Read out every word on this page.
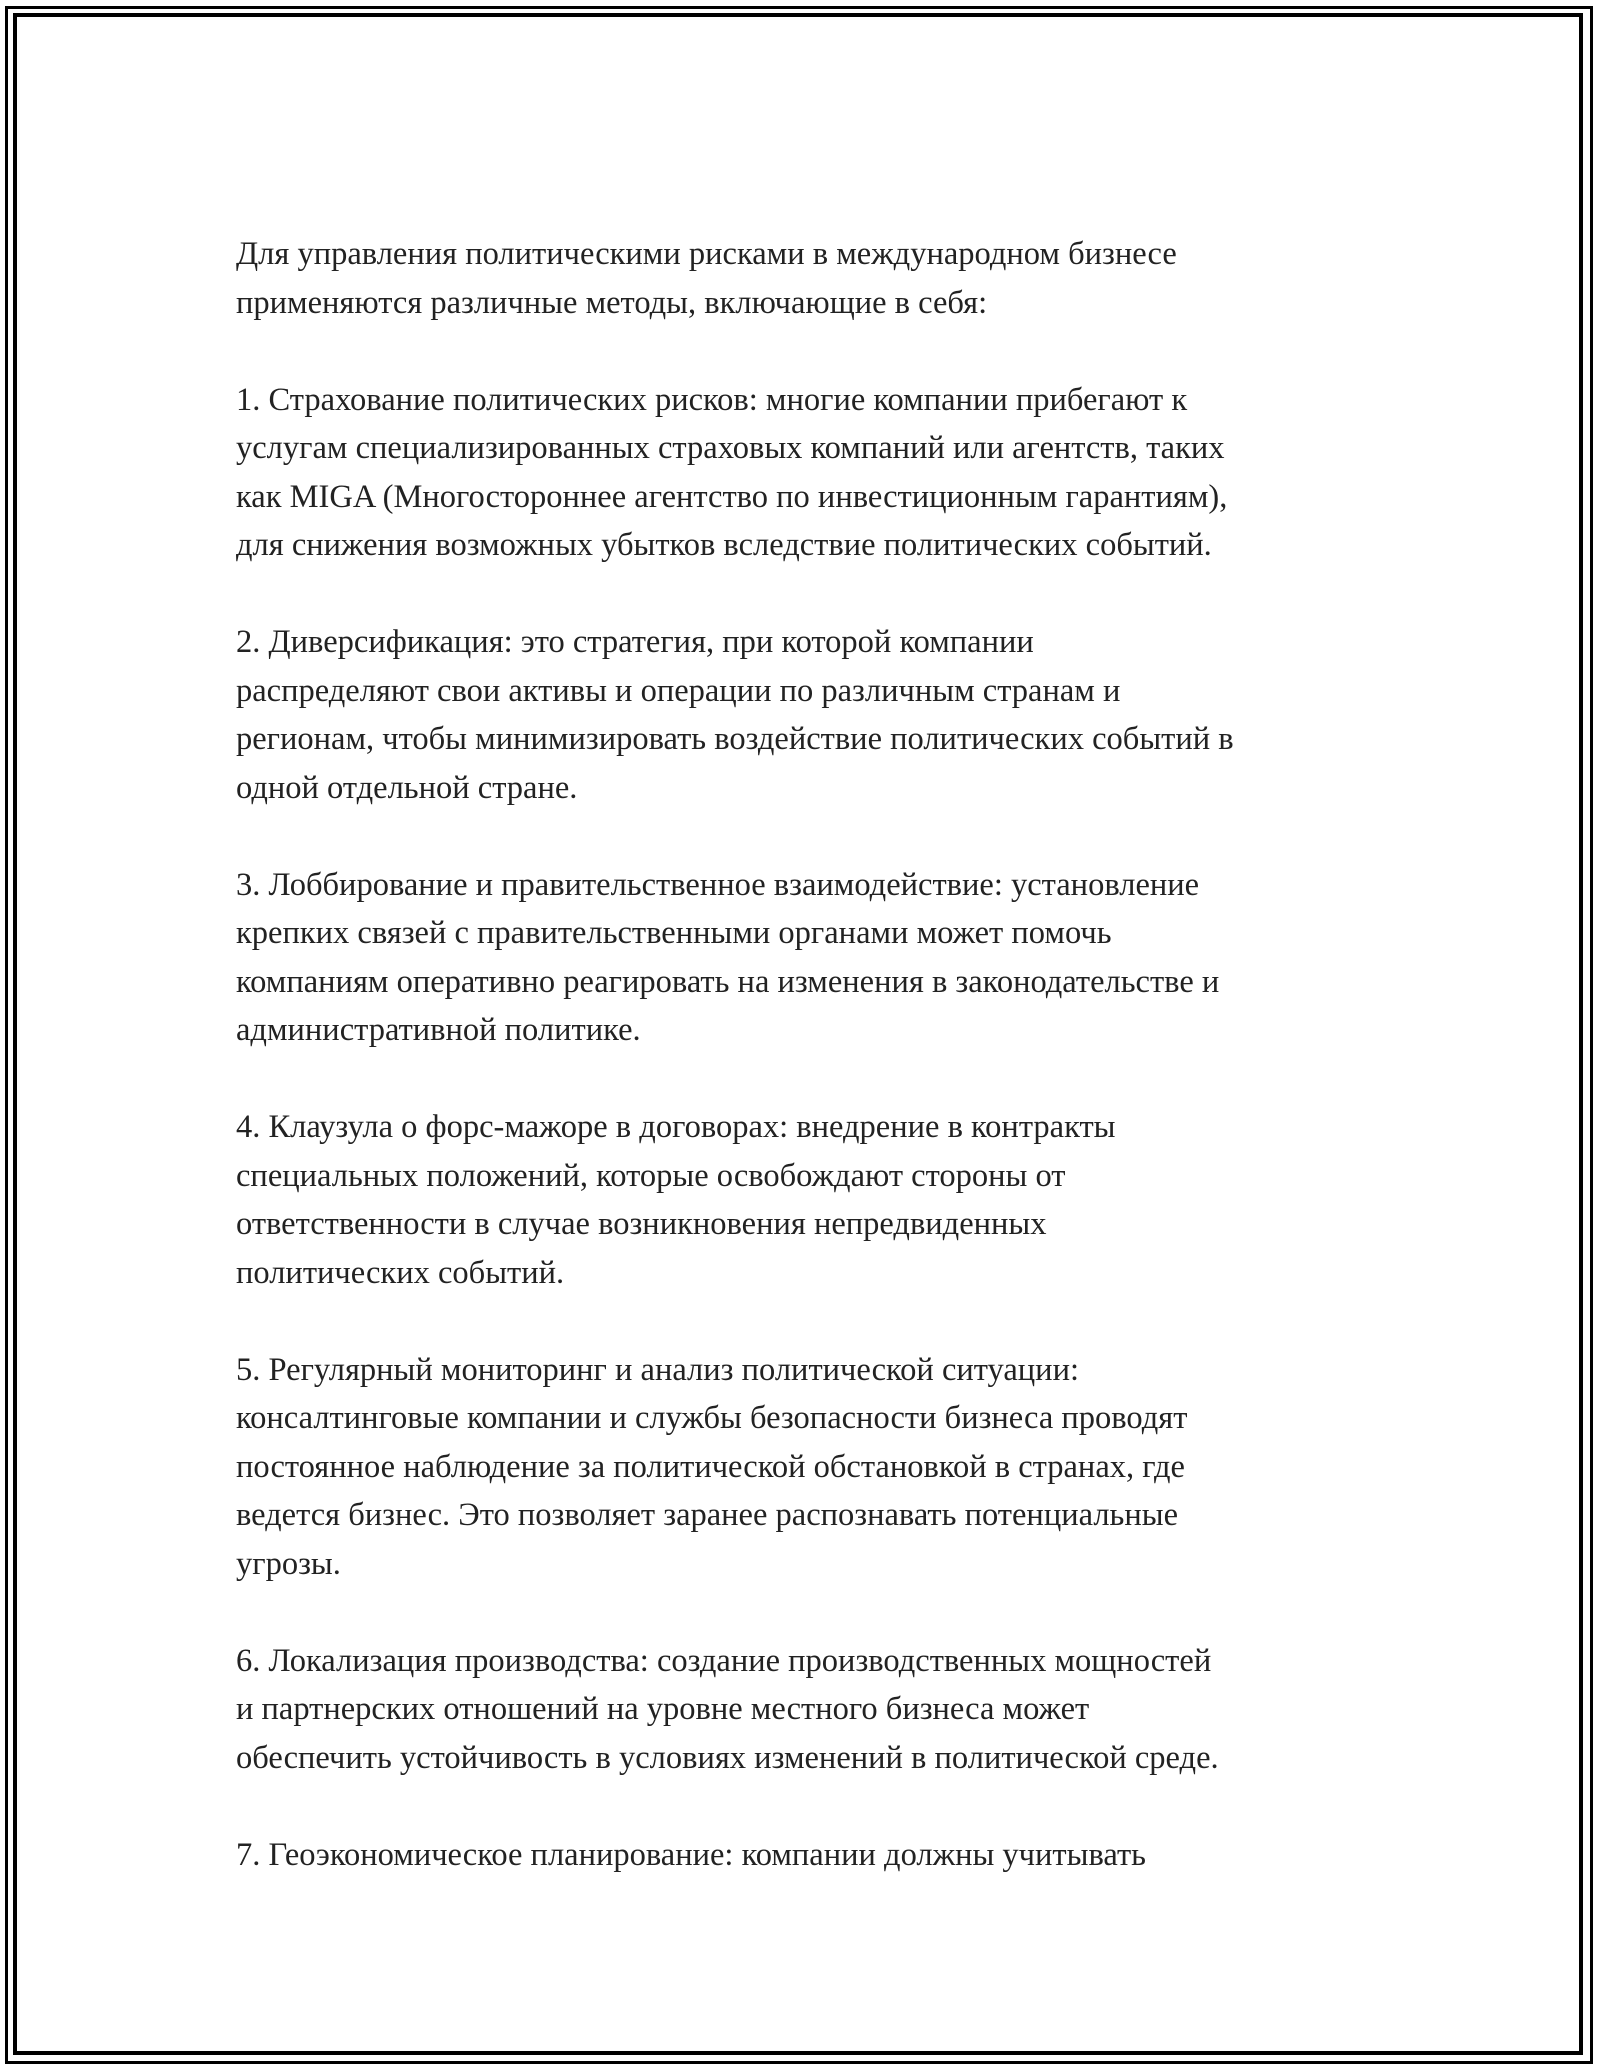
Для управления политическими рисками в международном бизнесе
применяются различные методы, включающие в себя:

1. Страхование политических рисков: многие компании прибегают к
услугам специализированных страховых компаний или агентств, таких
как MIGA (Многостороннее агентство по инвестиционным гарантиям),
для снижения возможных убытков вследствие политических событий.

2. Диверсификация: это стратегия, при которой компании
распределяют свои активы и операции по различным странам и
регионам, чтобы минимизировать воздействие политических событий в
одной отдельной стране.

3. Лоббирование и правительственное взаимодействие: установление
крепких связей с правительственными органами может помочь
компаниям оперативно реагировать на изменения в законодательстве и
административной политике.

4. Клаузула о форс-мажоре в договорах: внедрение в контракты
специальных положений, которые освобождают стороны от
ответственности в случае возникновения непредвиденных
политических событий.

5. Регулярный мониторинг и анализ политической ситуации:
консалтинговые компании и службы безопасности бизнеса проводят
постоянное наблюдение за политической обстановкой в странах, где
ведется бизнес. Это позволяет заранее распознавать потенциальные
угрозы.

6. Локализация производства: создание производственных мощностей
и партнерских отношений на уровне местного бизнеса может
обеспечить устойчивость в условиях изменений в политической среде.

7. Геоэкономическое планирование: компании должны учитывать
